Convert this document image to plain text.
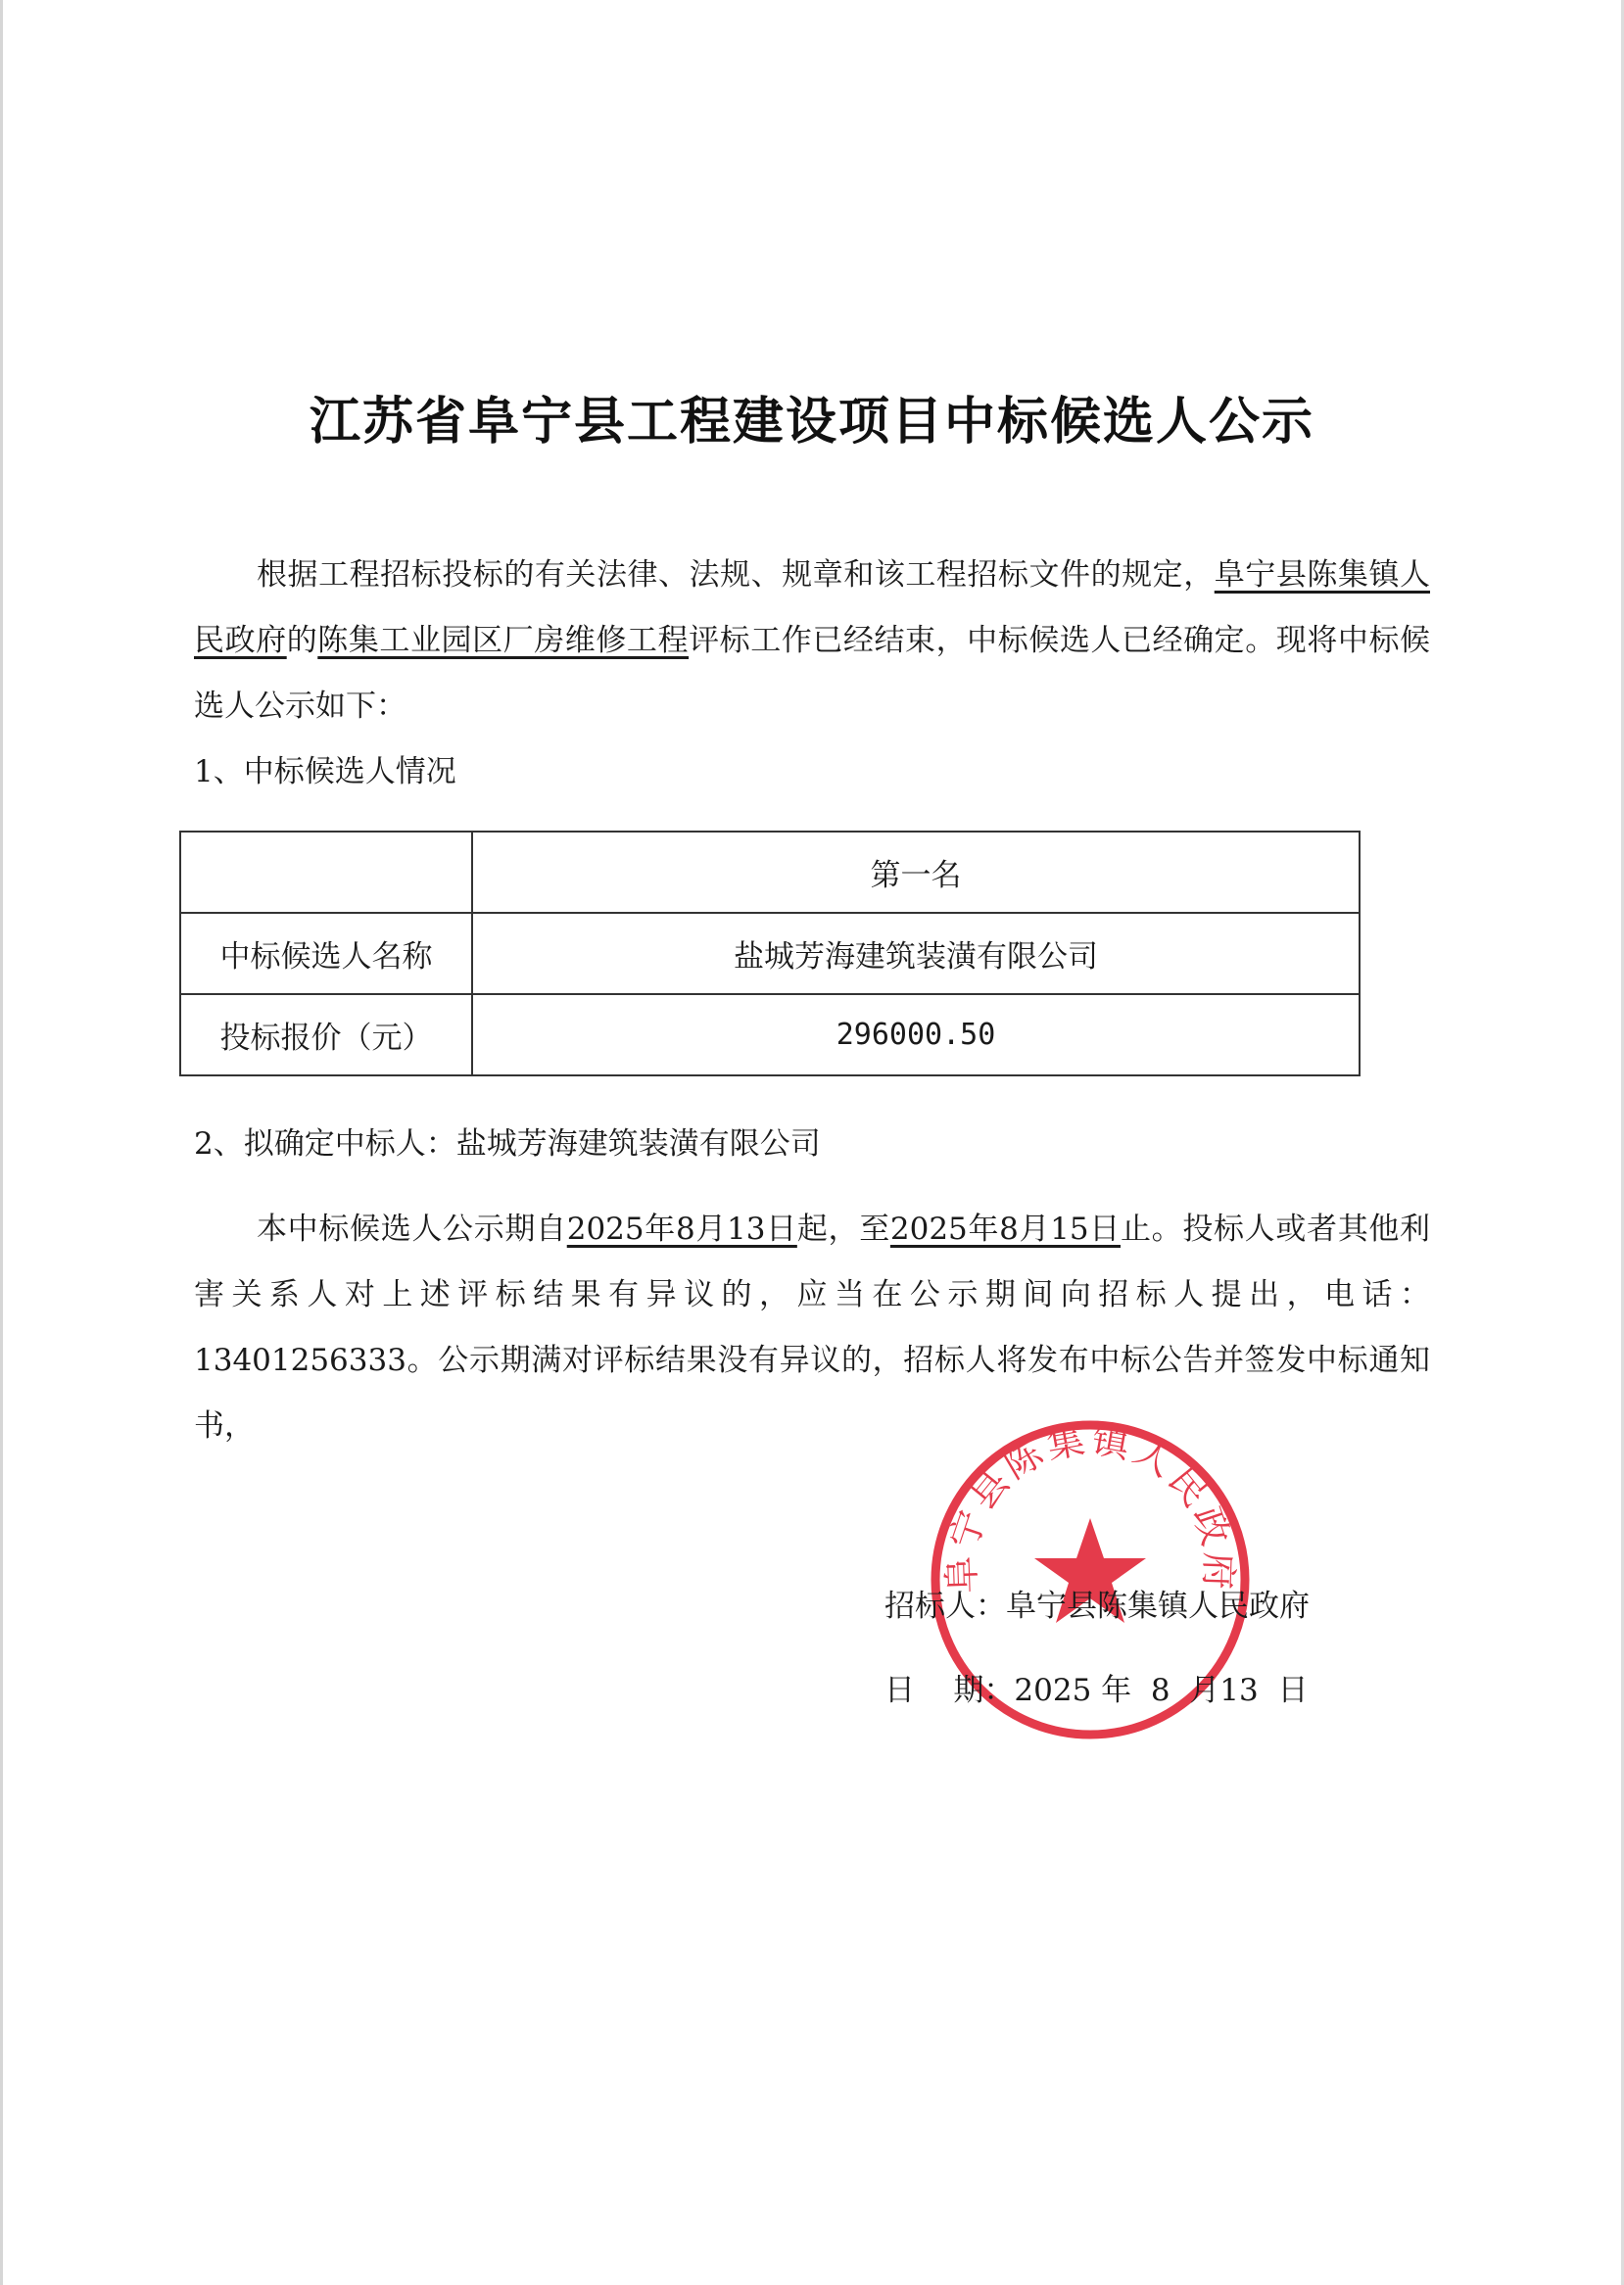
江苏省阜宁县工程建设项目中标候选人公示
根据工程招标投标的有关法律、法规、规章和该工程招标文件的规定，阜宁县陈集镇人民政府的陈集工业园区厂房维修工程评标工作已经结束，中标候选人已经确定。现将中标候选人公示如下：
1、中标候选人情况
	第一名
中标候选人名称	盐城芳海建筑装潢有限公司
投标报价（元）	296000.50
2、拟确定中标人：盐城芳海建筑装潢有限公司
本中标候选人公示期自2025年8月13日起，至2025年8月15日止。投标人或者其他利害关系人对上述评标结果有异议的，应当在公示期间向招标人提出，电话：13401256333。公示期满对评标结果没有异议的，招标人将发布中标公告并签发中标通知书，
阜宁县陈集镇人民政府
招标人：阜宁县陈集镇人民政府
日    期：2025 年  8  月13  日
